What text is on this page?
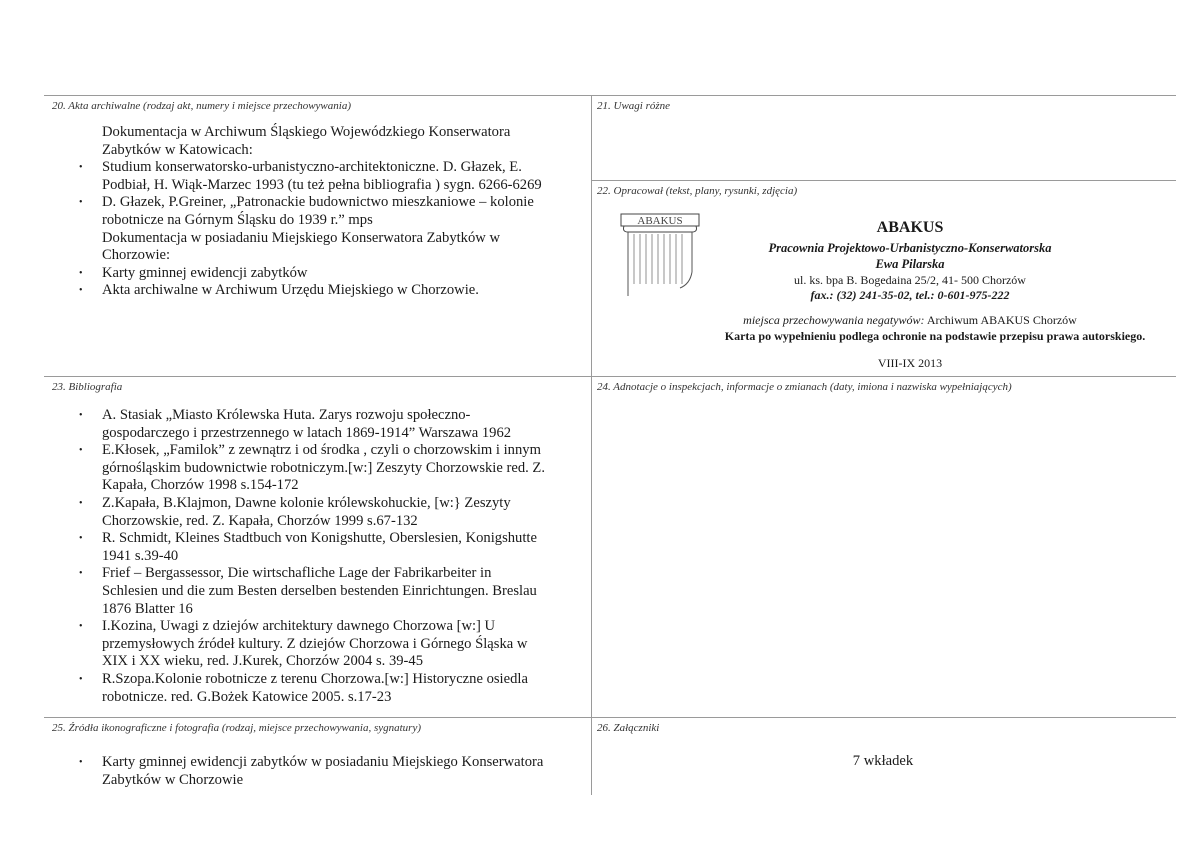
20. Akta archiwalne (rodzaj akt, numery i miejsce przechowywania)
Dokumentacja w Archiwum Śląskiego Wojewódzkiego Konserwatora
Zabytków w Katowicach:
• Studium konserwatorsko-urbanistyczno-architektoniczne. D. Głazek, E.
Podbiał, H. Wiąk-Marzec 1993 (tu też pełna bibliografia ) sygn. 6266-6269
• D. Głazek, P.Greiner, „Patronackie budownictwo mieszkaniowe – kolonie
robotnicze na Górnym Śląsku do 1939 r.” mps
Dokumentacja w posiadaniu Miejskiego Konserwatora Zabytków w
Chorzowie:
• Karty gminnej ewidencji zabytków
• Akta archiwalne w Archiwum Urzędu Miejskiego w Chorzowie.
21. Uwagi różne
22. Opracował (tekst, plany, rysunki, zdjęcia)
ABAKUS	ABAKUS
Pracownia Projektowo-Urbanistyczno-Konserwatorska
Ewa Pilarska
ul. ks. bpa B. Bogedaina 25/2, 41- 500 Chorzów
fax.: (32) 241-35-02, tel.: 0-601-975-222
miejsca przechowywania negatywów: Archiwum ABAKUS Chorzów
Karta po wypełnieniu podlega ochronie na podstawie przepisu prawa autorskiego.
VIII-IX 2013
23. Bibliografia
• A. Stasiak „Miasto Królewska Huta. Zarys rozwoju społeczno-
gospodarczego i przestrzennego w latach 1869-1914” Warszawa 1962
• E.Kłosek, „Familok” z zewnątrz i od środka , czyli o chorzowskim i innym
górnośląskim budownictwie robotniczym.[w:] Zeszyty Chorzowskie red. Z.
Kapała, Chorzów 1998 s.154-172
• Z.Kapała, B.Klajmon, Dawne kolonie królewskohuckie, [w:} Zeszyty
Chorzowskie, red. Z. Kapała, Chorzów 1999 s.67-132
• R. Schmidt, Kleines Stadtbuch von Konigshutte, Oberslesien, Konigshutte
1941 s.39-40
• Frief – Bergassessor, Die wirtschafliche Lage der Fabrikarbeiter in
Schlesien und die zum Besten derselben bestenden Einrichtungen. Breslau
1876 Blatter 16
• I.Kozina, Uwagi z dziejów architektury dawnego Chorzowa [w:] U
przemysłowych źródeł kultury. Z dziejów Chorzowa i Górnego Śląska w
XIX i XX wieku, red. J.Kurek, Chorzów 2004 s. 39-45
• R.Szopa.Kolonie robotnicze z terenu Chorzowa.[w:] Historyczne osiedla
robotnicze. red. G.Bożek Katowice 2005. s.17-23
24. Adnotacje o inspekcjach, informacje o zmianach (daty, imiona i nazwiska wypełniających)
25. Źródła ikonograficzne i fotografia (rodzaj, miejsce przechowywania, sygnatury)
• Karty gminnej ewidencji zabytków w posiadaniu Miejskiego Konserwatora
Zabytków w Chorzowie
26. Załączniki
7 wkładek
